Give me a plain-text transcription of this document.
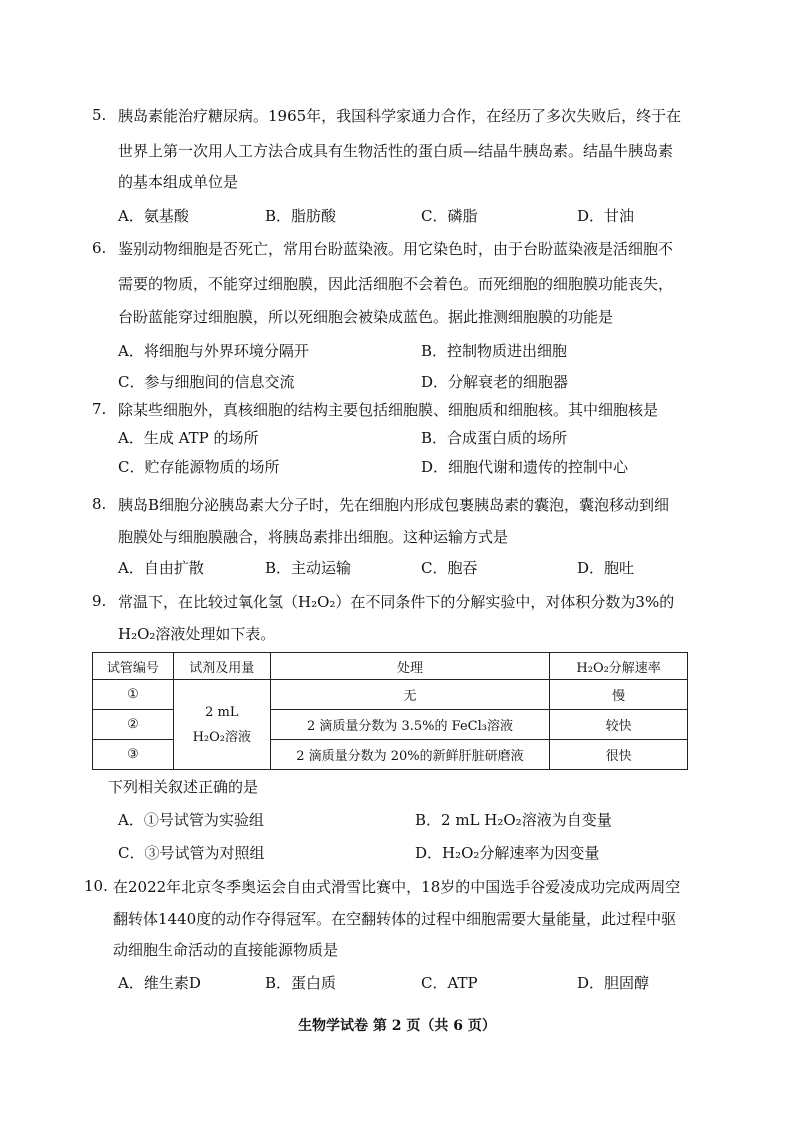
5. 胰岛素能治疗糖尿病。1965年，我国科学家通力合作，在经历了多次失败后，终于在
世界上第一次用人工方法合成具有生物活性的蛋白质—结晶牛胰岛素。结晶牛胰岛素
的基本组成单位是
A．氨基酸	B．脂肪酸	C．磷脂	D．甘油
6. 鉴别动物细胞是否死亡，常用台盼蓝染液。用它染色时，由于台盼蓝染液是活细胞不
需要的物质，不能穿过细胞膜，因此活细胞不会着色。而死细胞的细胞膜功能丧失，
台盼蓝能穿过细胞膜，所以死细胞会被染成蓝色。据此推测细胞膜的功能是
A．将细胞与外界环境分隔开	B．控制物质进出细胞
C．参与细胞间的信息交流	D．分解衰老的细胞器
7. 除某些细胞外，真核细胞的结构主要包括细胞膜、细胞质和细胞核。其中细胞核是
A．生成 ATP 的场所	B．合成蛋白质的场所
C．贮存能源物质的场所	D．细胞代谢和遗传的控制中心
8. 胰岛B细胞分泌胰岛素大分子时，先在细胞内形成包裹胰岛素的囊泡，囊泡移动到细
胞膜处与细胞膜融合，将胰岛素排出细胞。这种运输方式是
A．自由扩散	B．主动运输	C．胞吞	D．胞吐
9. 常温下，在比较过氧化氢（H₂O₂）在不同条件下的分解实验中，对体积分数为3%的
H₂O₂溶液处理如下表。
试管编号	试剂及用量	处理	H₂O₂分解速率
①	2 mL
H₂O₂溶液	无	慢
②		2 滴质量分数为 3.5%的 FeCl₃溶液	较快
③		2 滴质量分数为 20%的新鲜肝脏研磨液	很快
下列相关叙述正确的是
A．①号试管为实验组	B．2 mL H₂O₂溶液为自变量
C．③号试管为对照组	D．H₂O₂分解速率为因变量
10. 在2022年北京冬季奥运会自由式滑雪比赛中，18岁的中国选手谷爱凌成功完成两周空
翻转体1440度的动作夺得冠军。在空翻转体的过程中细胞需要大量能量，此过程中驱
动细胞生命活动的直接能源物质是
A．维生素D	B．蛋白质	C．ATP	D．胆固醇
生物学试卷 第 2 页（共 6 页）
